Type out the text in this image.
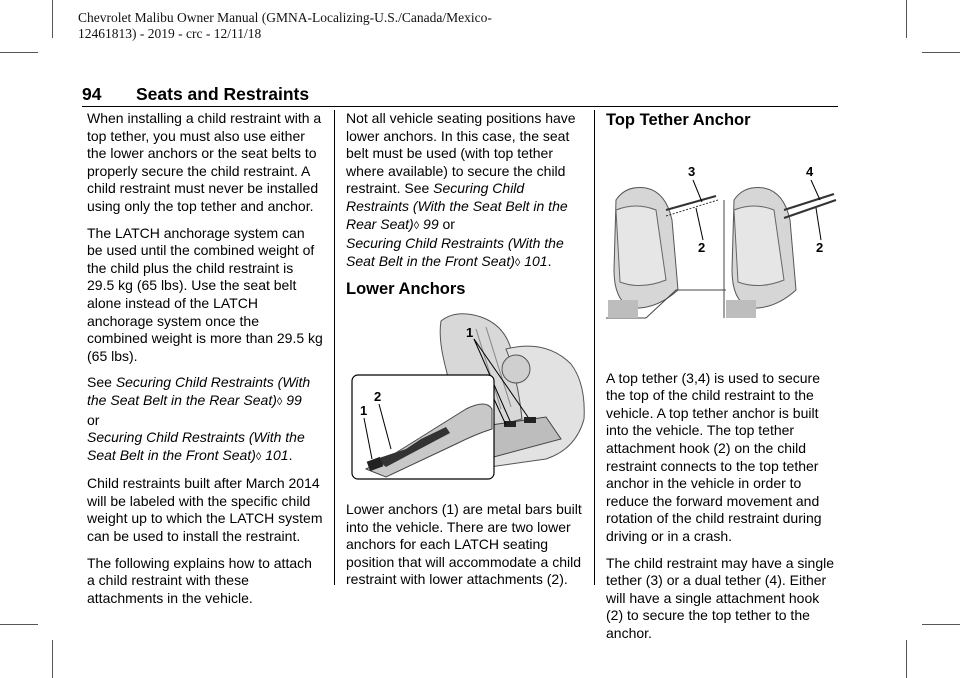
Chevrolet Malibu Owner Manual (GMNA-Localizing-U.S./Canada/Mexico-
12461813) - 2019 - crc - 12/11/18
94 Seats and Restraints

When installing a child restraint with a top tether, you must also use either the lower anchors or the seat belts to properly secure the child restraint. A child restraint must never be installed using only the top tether and anchor.

The LATCH anchorage system can be used until the combined weight of the child plus the child restraint is 29.5 kg (65 lbs). Use the seat belt alone instead of the LATCH anchorage system once the combined weight is more than 29.5 kg (65 lbs).

See Securing Child Restraints (With the Seat Belt in the Rear Seat)◊ 99
or
Securing Child Restraints (With the Seat Belt in the Front Seat)◊ 101.

Child restraints built after March 2014 will be labeled with the specific child weight up to which the LATCH system can be used to install the restraint.

The following explains how to attach a child restraint with these attachments in the vehicle.

Not all vehicle seating positions have lower anchors. In this case, the seat belt must be used (with top tether where available) to secure the child restraint. See Securing Child Restraints (With the Seat Belt in the Rear Seat)◊ 99 or
Securing Child Restraints (With the Seat Belt in the Front Seat)◊ 101.

Lower Anchors
1
2
1

Lower anchors (1) are metal bars built into the vehicle. There are two lower anchors for each LATCH seating position that will accommodate a child restraint with lower attachments (2).

Top Tether Anchor
3
2
4
2

A top tether (3,4) is used to secure the top of the child restraint to the vehicle. A top tether anchor is built into the vehicle. The top tether attachment hook (2) on the child restraint connects to the top tether anchor in the vehicle in order to reduce the forward movement and rotation of the child restraint during driving or in a crash.

The child restraint may have a single tether (3) or a dual tether (4). Either will have a single attachment hook (2) to secure the top tether to the anchor.
